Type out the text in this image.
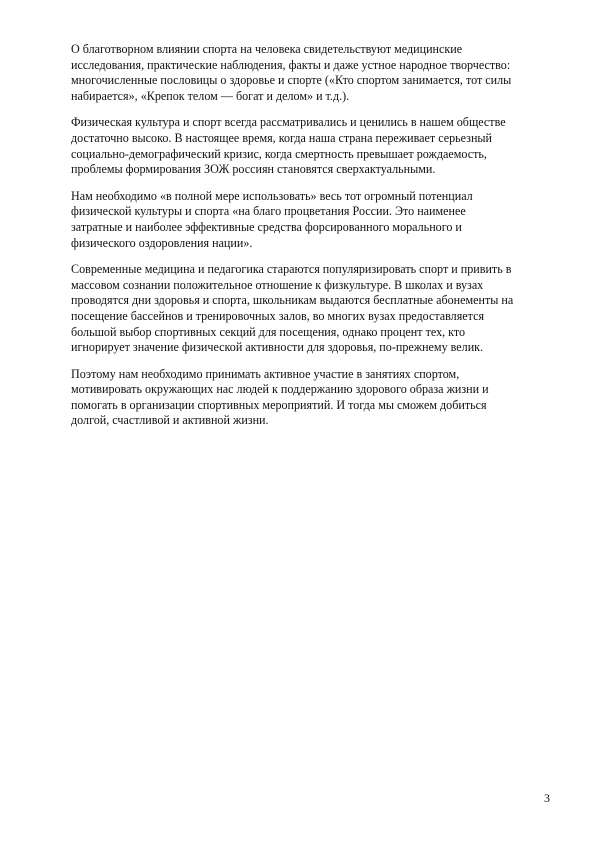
О благотворном влиянии спорта на человека свидетельствуют медицинские
исследования, практические наблюдения, факты и даже устное народное творчество:
многочисленные пословицы о здоровье и спорте («Кто спортом занимается, тот силы
набирается», «Крепок телом — богат и делом» и т.д.).

Физическая культура и спорт всегда рассматривались и ценились в нашем обществе
достаточно высоко. В настоящее время, когда наша страна переживает серьезный
социально-демографический кризис, когда смертность превышает рождаемость,
проблемы формирования ЗОЖ россиян становятся сверхактуальными.

Нам необходимо «в полной мере использовать» весь тот огромный потенциал
физической культуры и спорта «на благо процветания России. Это наименее
затратные и наиболее эффективные средства форсированного морального и
физического оздоровления нации».

Современные медицина и педагогика стараются популяризировать спорт и привить в
массовом сознании положительное отношение к физкультуре. В школах и вузах
проводятся дни здоровья и спорта, школьникам выдаются бесплатные абонементы на
посещение бассейнов и тренировочных залов, во многих вузах предоставляется
большой выбор спортивных секций для посещения, однако процент тех, кто
игнорирует значение физической активности для здоровья, по-прежнему велик.

Поэтому нам необходимо принимать активное участие в занятиях спортом,
мотивировать окружающих нас людей к поддержанию здорового образа жизни и
помогать в организации спортивных мероприятий. И тогда мы сможем добиться
долгой, счастливой и активной жизни.

3
